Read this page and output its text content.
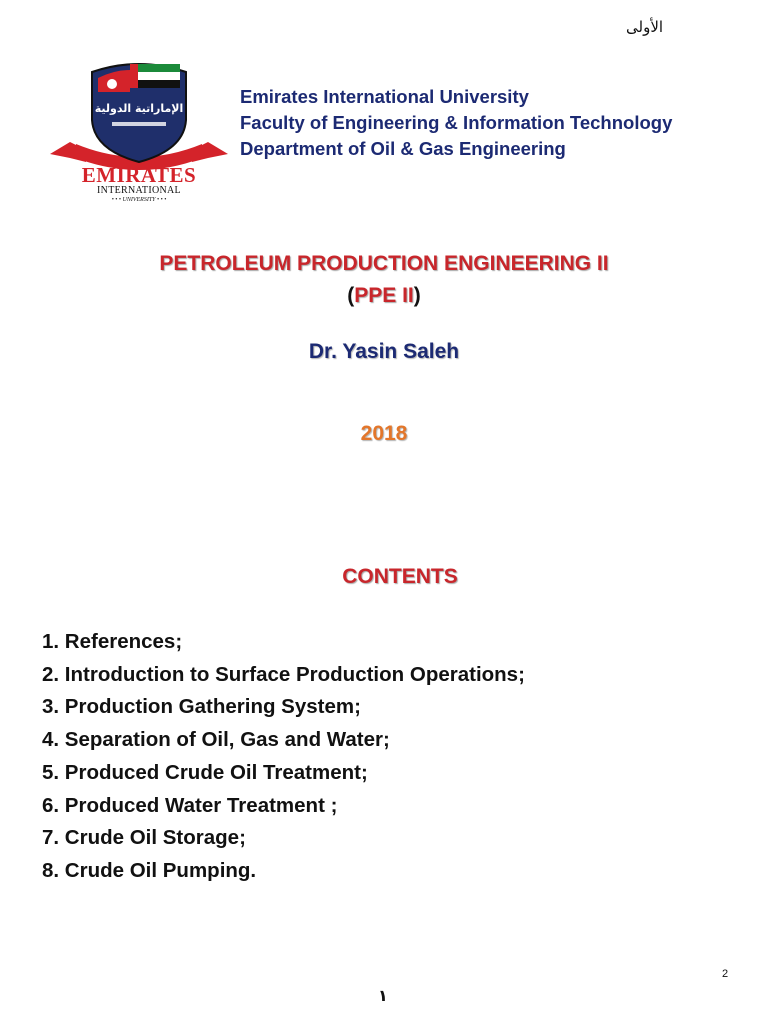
الأولى
الإماراتية الدولية
EMIRATES
INTERNATIONAL
• • • UNIVERSITY • • •
Emirates International University
Faculty of Engineering & Information Technology
Department of Oil & Gas Engineering
PETROLEUM PRODUCTION ENGINEERING II
(PPE II)
Dr. Yasin Saleh
2018
CONTENTS
1. References;
2. Introduction to Surface Production Operations;
3. Production Gathering System;
4. Separation of Oil, Gas and Water;
5. Produced Crude Oil Treatment;
6. Produced Water Treatment ;
7. Crude Oil Storage;
8. Crude Oil Pumping.
2
١
